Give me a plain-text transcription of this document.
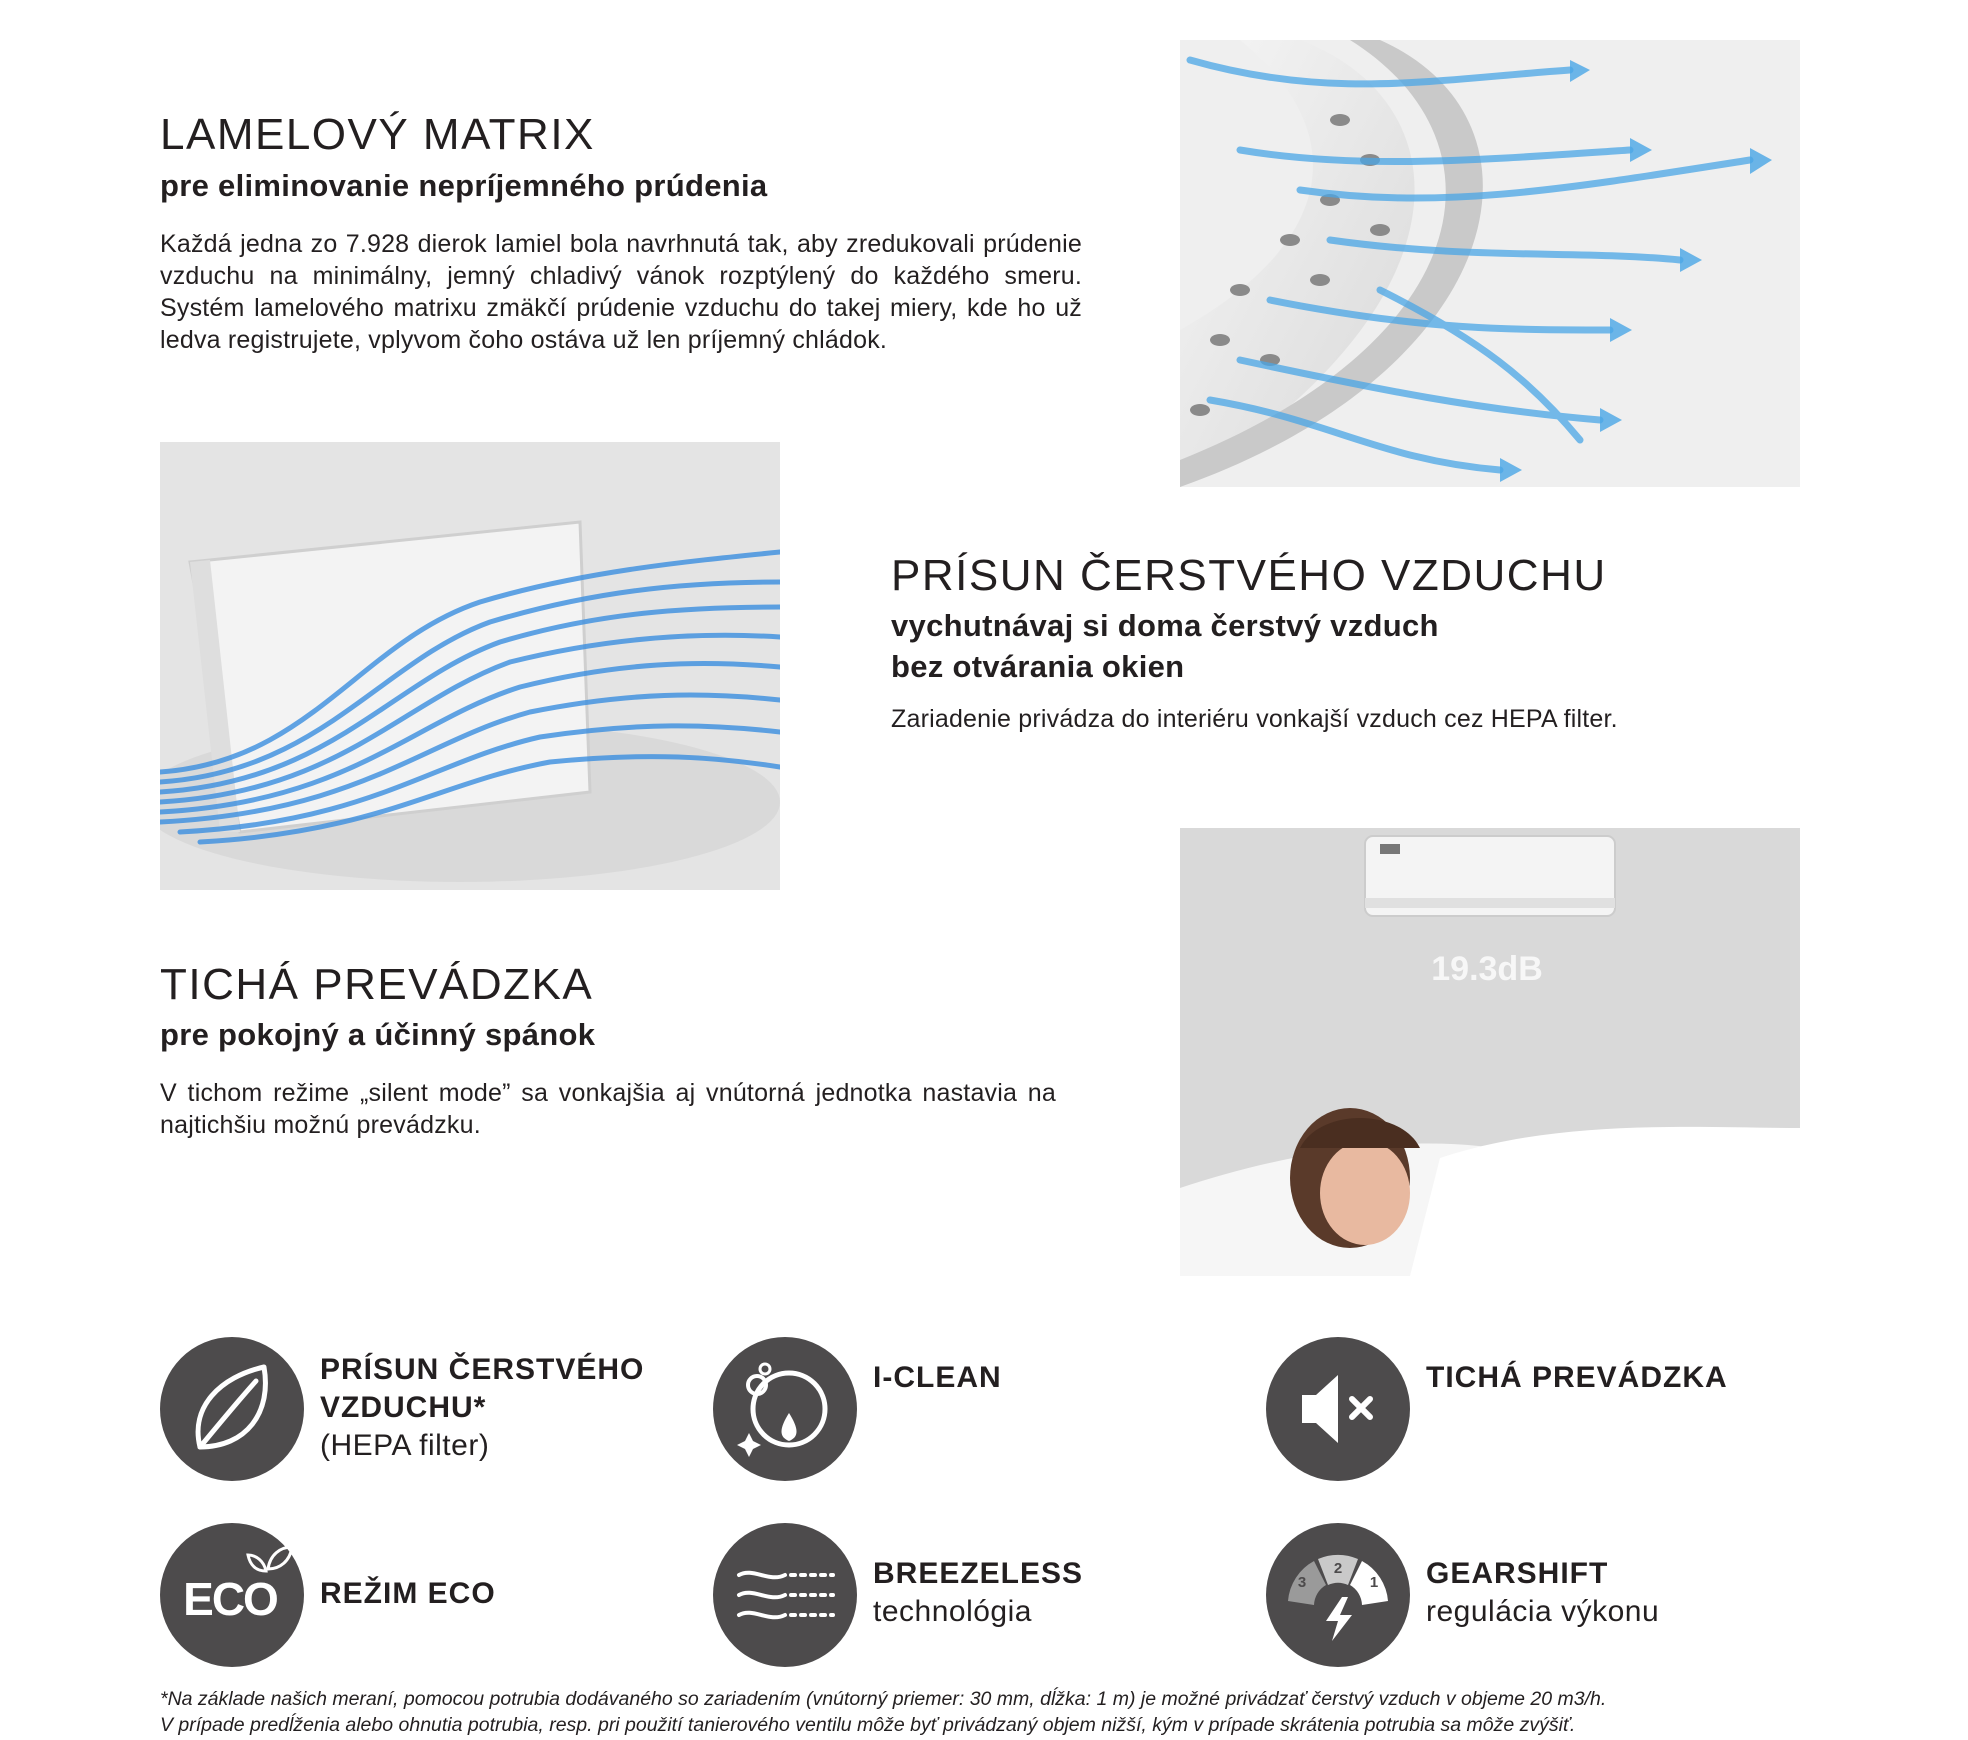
LAMELOVÝ MATRIX
pre eliminovanie nepríjemného prúdenia

Každá jedna zo 7.928 dierok lamiel bola navrhnutá tak, aby zredukovali prúdenie vzduchu na minimálny, jemný chladivý vánok rozptýlený do každého smeru. Systém lamelového matrixu zmäkčí prúdenie vzduchu do takej miery, kde ho už ledva registrujete, vplyvom čoho ostáva už len príjemný chládok.

PRÍSUN ČERSTVÉHO VZDUCHU
vychutnávaj si doma čerstvý vzduch
bez otvárania okien

Zariadenie privádza do interiéru vonkajší vzduch cez HEPA filter.

19.3dB
TICHÁ PREVÁDZKA
pre pokojný a účinný spánok

V tichom režime „silent mode” sa vonkajšia aj vnútorná jednotka nastavia na najtichšiu možnú prevádzku.

PRÍSUN ČERSTVÉHO
VZDUCHU*
(HEPA filter)
I-CLEAN	TICHÁ PREVÁDZKA
ECO REŽIM ECO
BREEZELESS
technológia
3
2
1 GEARSHIFT
regulácia výkonu
*Na základe našich meraní, pomocou potrubia dodávaného so zariadením (vnútorný priemer: 30 mm, dĺžka: 1 m) je možné privádzať čerstvý vzduch v objeme 20 m3/h.
V prípade predĺženia alebo ohnutia potrubia, resp. pri použití tanierového ventilu môže byť privádzaný objem nižší, kým v prípade skrátenia potrubia sa môže zvýšiť.
